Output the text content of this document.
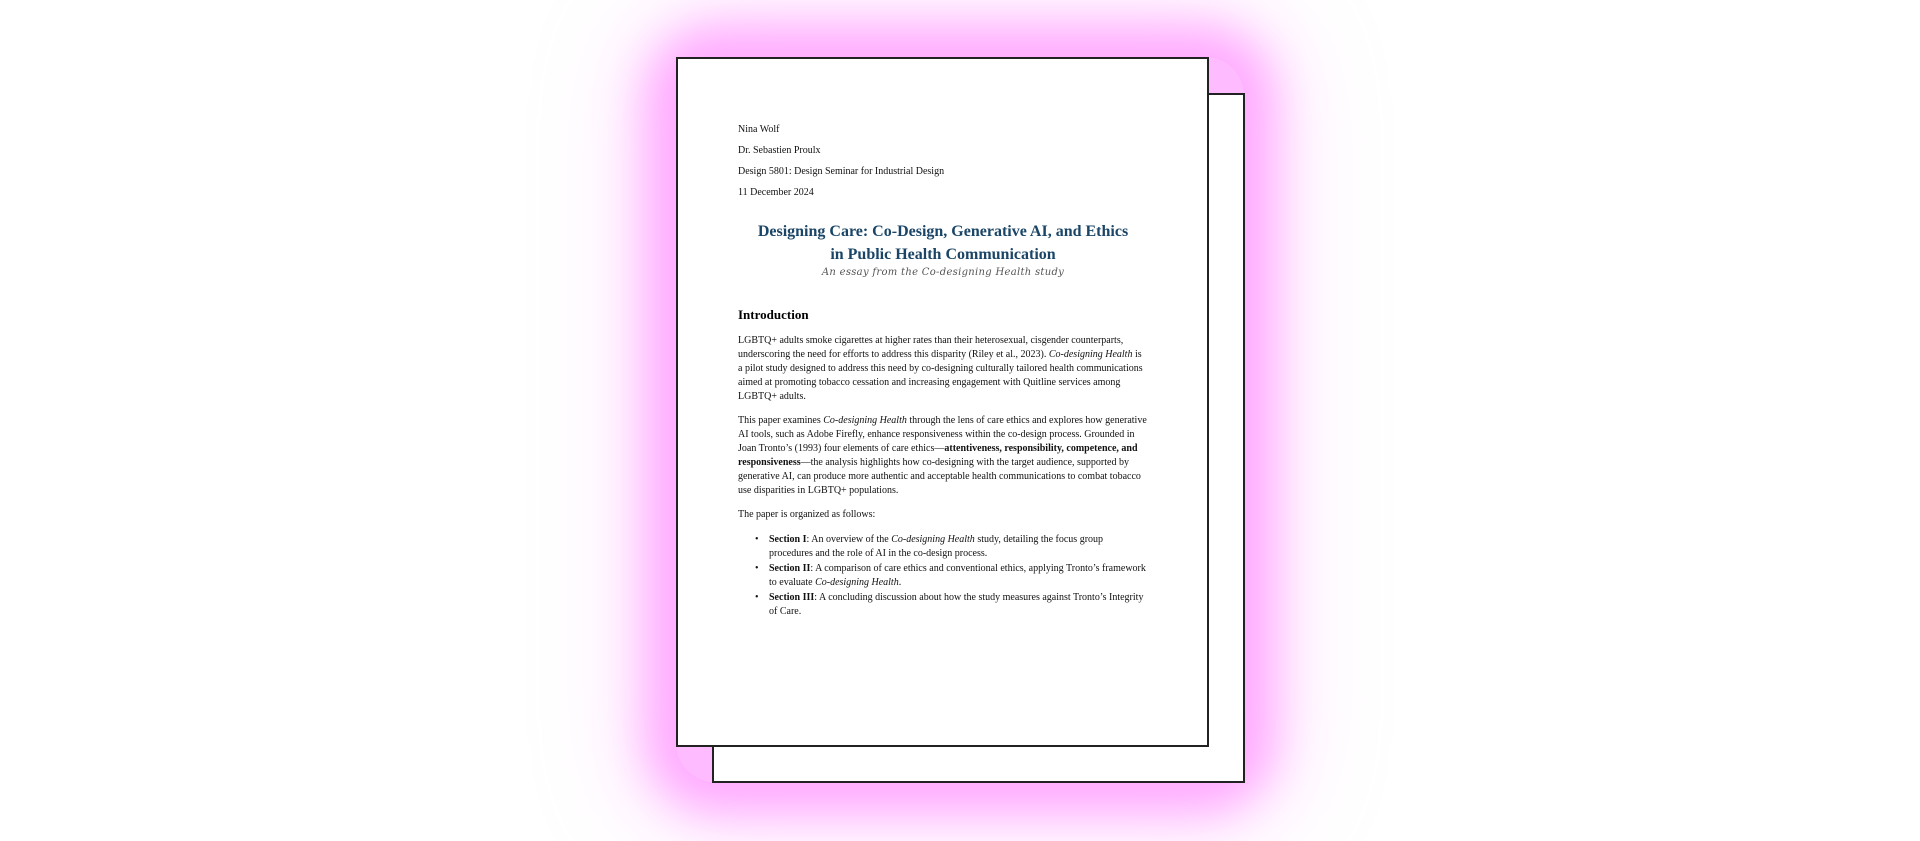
Nina Wolf

Dr. Sebastien Proulx

Design 5801: Design Seminar for Industrial Design

11 December 2024

Designing Care: Co-Design, Generative AI, and Ethics
in Public Health Communication

An essay from the Co-designing Health study

Introduction

LGBTQ+ adults smoke cigarettes at higher rates than their heterosexual, cisgender counterparts, underscoring the need for efforts to address this disparity (Riley et al., 2023). Co-designing Health is a pilot study designed to address this need by co-designing culturally tailored health communications aimed at promoting tobacco cessation and increasing engagement with Quitline services among LGBTQ+ adults.

This paper examines Co-designing Health through the lens of care ethics and explores how generative AI tools, such as Adobe Firefly, enhance responsiveness within the co-design process. Grounded in Joan Tronto’s (1993) four elements of care ethics—attentiveness, responsibility, competence, and responsiveness—the analysis highlights how co-designing with the target audience, supported by generative AI, can produce more authentic and acceptable health communications to combat tobacco use disparities in LGBTQ+ populations.

The paper is organized as follows:

• Section I: An overview of the Co-designing Health study, detailing the focus group procedures and the role of AI in the co-design process.
• Section II: A comparison of care ethics and conventional ethics, applying Tronto’s framework to evaluate Co-designing Health.
• Section III: A concluding discussion about how the study measures against Tronto’s Integrity of Care.
